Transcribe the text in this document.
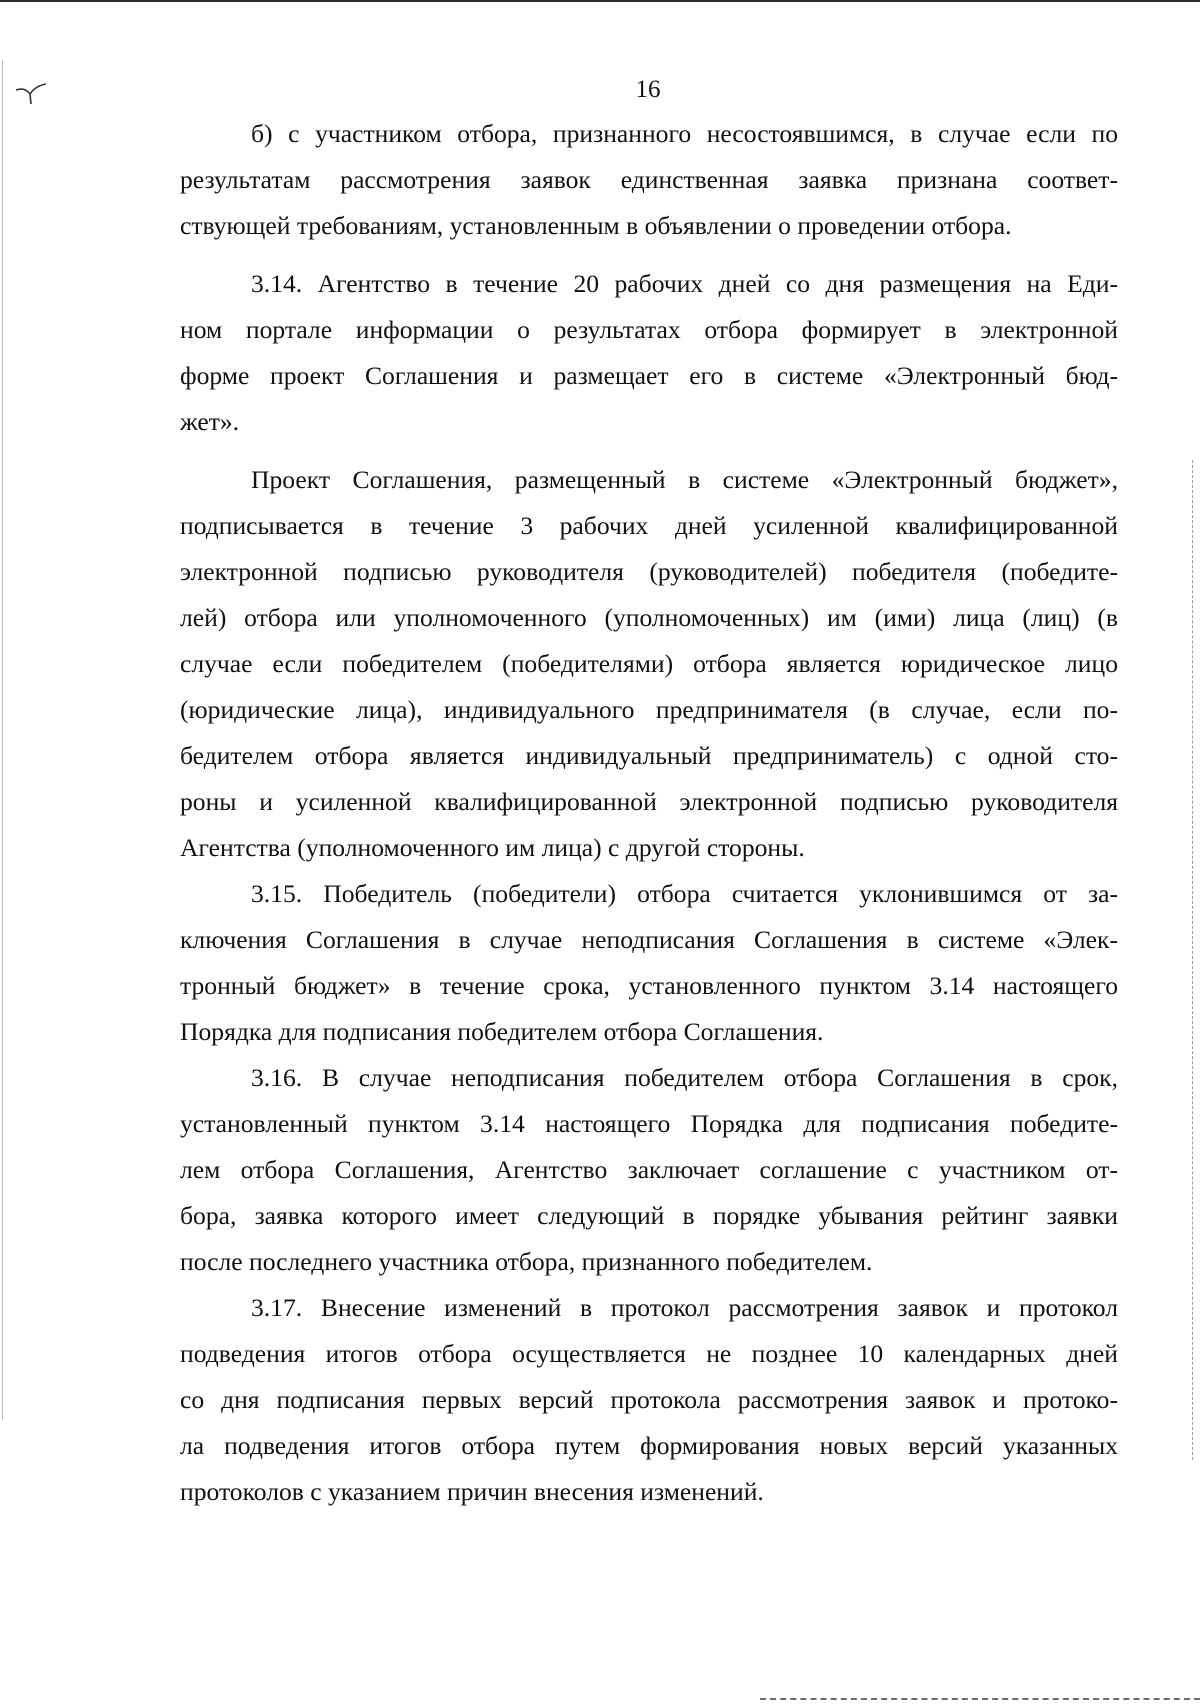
16
б) с участником отбора, признанного несостоявшимся, в случае если по
результатам рассмотрения заявок единственная заявка признана соответ-
ствующей требованиям, установленным в объявлении о проведении отбора.
3.14. Агентство в течение 20 рабочих дней со дня размещения на Еди-
ном портале информации о результатах отбора формирует в электронной
форме проект Соглашения и размещает его в системе «Электронный бюд-
жет».
Проект Соглашения, размещенный в системе «Электронный бюджет»,
подписывается в течение 3 рабочих дней усиленной квалифицированной
электронной подписью руководителя (руководителей) победителя (победите-
лей) отбора или уполномоченного (уполномоченных) им (ими) лица (лиц) (в
случае если победителем (победителями) отбора является юридическое лицо
(юридические лица), индивидуального предпринимателя (в случае, если по-
бедителем отбора является индивидуальный предприниматель) с одной сто-
роны и усиленной квалифицированной электронной подписью руководителя
Агентства (уполномоченного им лица) с другой стороны.
3.15. Победитель (победители) отбора считается уклонившимся от за-
ключения Соглашения в случае неподписания Соглашения в системе «Элек-
тронный бюджет» в течение срока, установленного пунктом 3.14 настоящего
Порядка для подписания победителем отбора Соглашения.
3.16. В случае неподписания победителем отбора Соглашения в срок,
установленный пунктом 3.14 настоящего Порядка для подписания победите-
лем отбора Соглашения, Агентство заключает соглашение с участником от-
бора, заявка которого имеет следующий в порядке убывания рейтинг заявки
после последнего участника отбора, признанного победителем.
3.17. Внесение изменений в протокол рассмотрения заявок и протокол
подведения итогов отбора осуществляется не позднее 10 календарных дней
со дня подписания первых версий протокола рассмотрения заявок и протоко-
ла подведения итогов отбора путем формирования новых версий указанных
протоколов с указанием причин внесения изменений.
